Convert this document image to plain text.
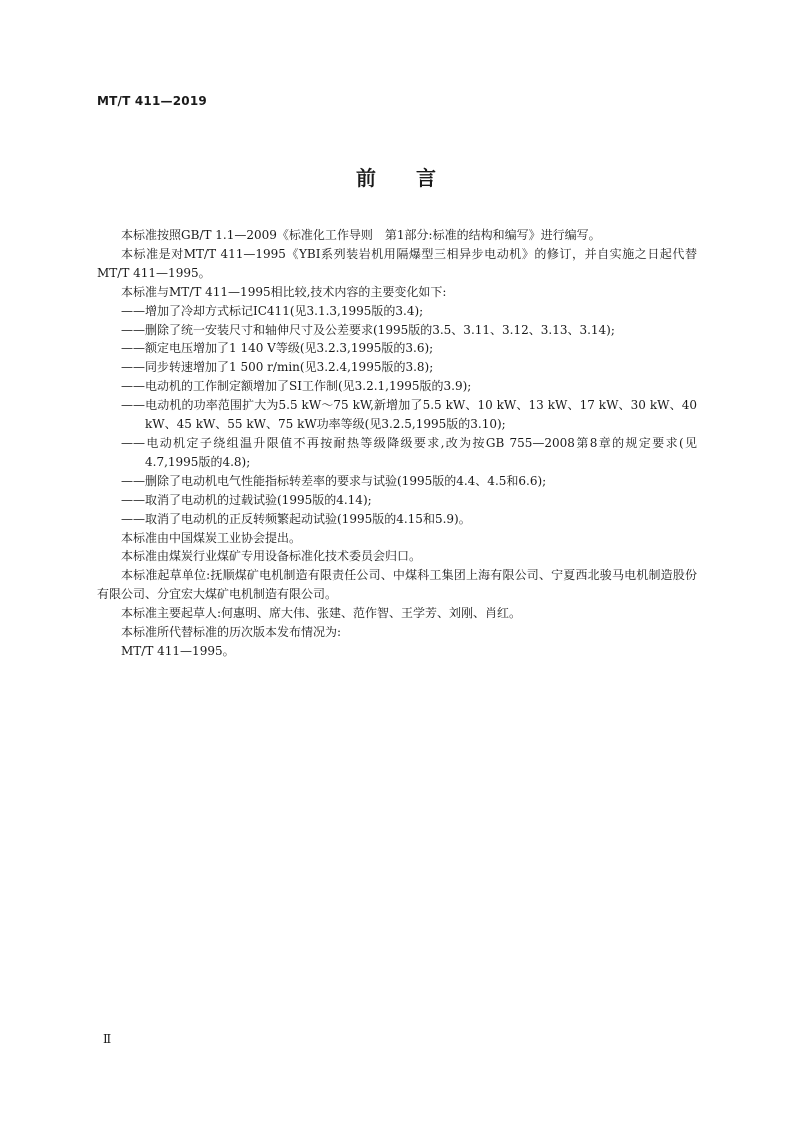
MT/T 411—2019
前言

本标准按照GB/T 1.1—2009《标准化工作导则　第1部分:标准的结构和编写》进行编写。

本标准是对MT/T 411—1995《YBI系列装岩机用隔爆型三相异步电动机》的修订，并自实施之日起代替MT/T 411—1995。

本标准与MT/T 411—1995相比较,技术内容的主要变化如下:

——增加了冷却方式标记IC411(见3.1.3,1995版的3.4);

——删除了统一安装尺寸和轴伸尺寸及公差要求(1995版的3.5、3.11、3.12、3.13、3.14);

——额定电压增加了1 140 V等级(见3.2.3,1995版的3.6);

——同步转速增加了1 500 r/min(见3.2.4,1995版的3.8);

——电动机的工作制定额增加了SI工作制(见3.2.1,1995版的3.9);

——电动机的功率范围扩大为5.5 kW～75 kW,新增加了5.5 kW、10 kW、13 kW、17 kW、30 kW、40 kW、45 kW、55 kW、75 kW功率等级(见3.2.5,1995版的3.10);

——电动机定子绕组温升限值不再按耐热等级降级要求,改为按GB 755—2008第8章的规定要求(见4.7,1995版的4.8);

——删除了电动机电气性能指标转差率的要求与试验(1995版的4.4、4.5和6.6);

——取消了电动机的过载试验(1995版的4.14);

——取消了电动机的正反转频繁起动试验(1995版的4.15和5.9)。

本标准由中国煤炭工业协会提出。

本标准由煤炭行业煤矿专用设备标准化技术委员会归口。

本标准起草单位:抚顺煤矿电机制造有限责任公司、中煤科工集团上海有限公司、宁夏西北骏马电机制造股份有限公司、分宜宏大煤矿电机制造有限公司。

本标准主要起草人:何惠明、席大伟、张建、范作智、王学芳、刘刚、肖红。

本标准所代替标准的历次版本发布情况为:

MT/T 411—1995。

Ⅱ
